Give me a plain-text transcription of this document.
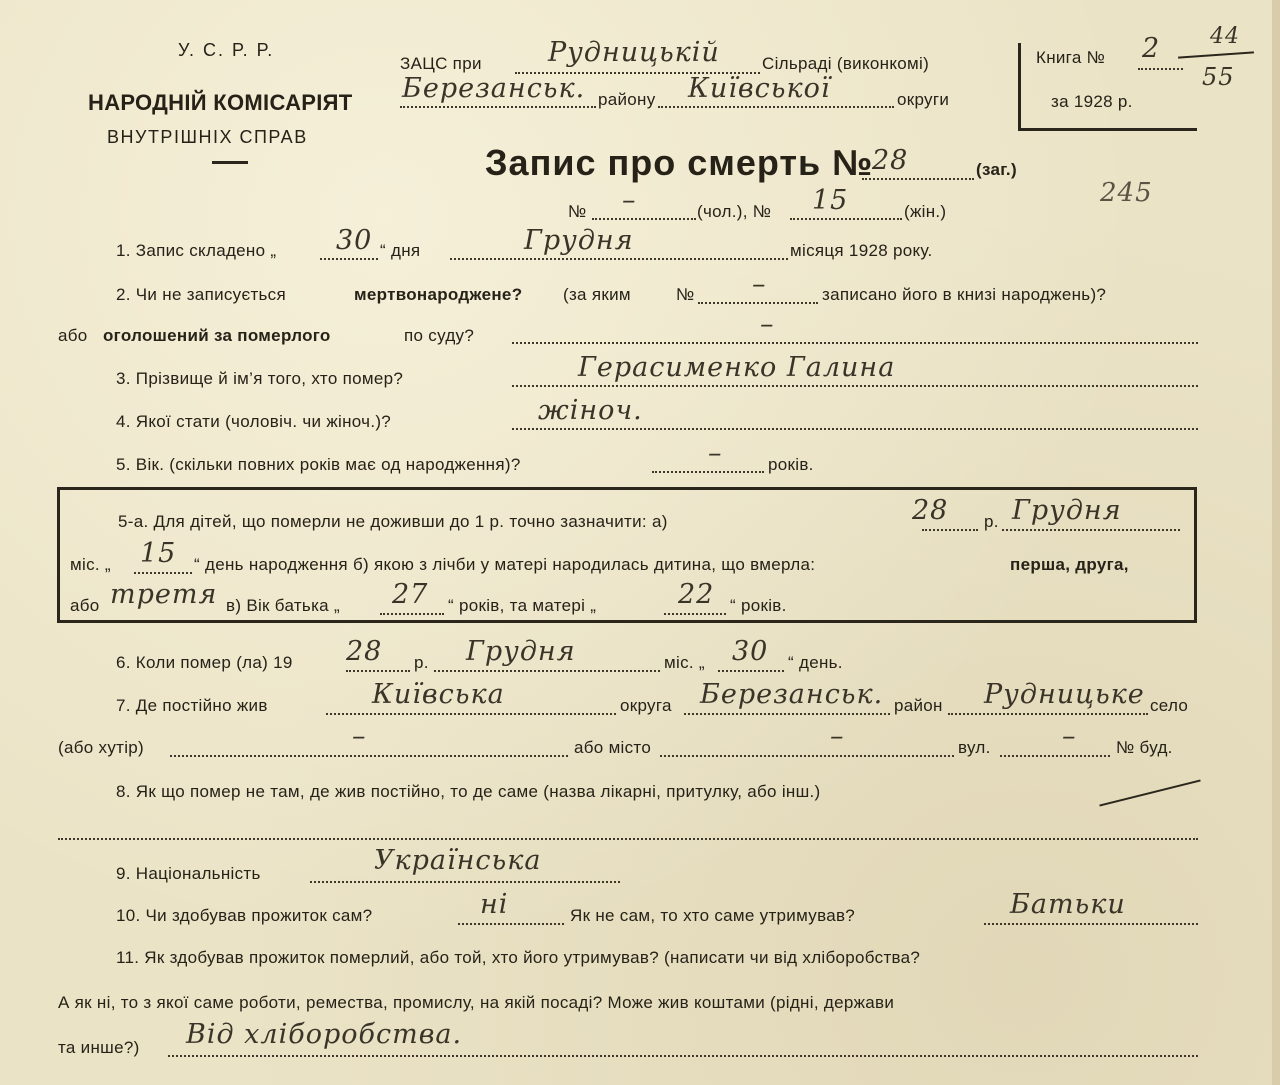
У. С. Р. Р.
НАРОДНІЙ КОМІСАРІЯТ
ВНУТРІШНІХ СПРАВ
ЗАЦС при Рудницькій Сільраді (виконкомі)
Березанськ. району Київської	округи
Книга № 2 44
55
за 1928 р.
Запис про смерть №
28	(заг.)
245
№ –	(чол.), № 15	(жін.)
1. Запис складено „ 30 “ дня	Грудня	місяця 1928 року.
2. Чи не записується	мертвонароджене? (за яким	№ –	записано його в книзі народжень)?
або оголошений за померлого	по суду?	–
3. Прізвище й ім’я того, хто помер?	Герасименко Галина
4. Якої стати (чоловіч. чи жіноч.)?	жіноч.
5. Вік. (скільки повних років має од народження)?	–	років.
5-а. Для дітей, що померли не доживши до 1 р. точно зазначити: а)	28 р. Грудня
міс. „ 15 “ день народження б) якою з лічби у матері народилась дитина, що вмерла:	перша, друга,
або третя в) Вік батька „ 27 “ років, та матері „	22 “ років.
6. Коли помер (ла) 19 28 р. Грудня	міс. „ 30 “ день.
7. Де постійно жив	Київська	округа Березанськ. район Рудницьке село
(або хутір)	–	або місто	–	вул.	– № буд.
8. Як що помер не там, де жив постійно, то де саме (назва лікарні, притулку, або інш.)
9. Національність	Українська
10. Чи здобував прожиток сам?	ні	Як не сам, то хто саме утримував?	Батьки
11. Як здобував прожиток померлий, або той, хто його утримував? (написати чи від хліборобства?
А як ні, то з якої саме роботи, ремества, промислу, на якій посаді? Може жив коштами (рідні, держави
та инше?) Від хліборобства.
